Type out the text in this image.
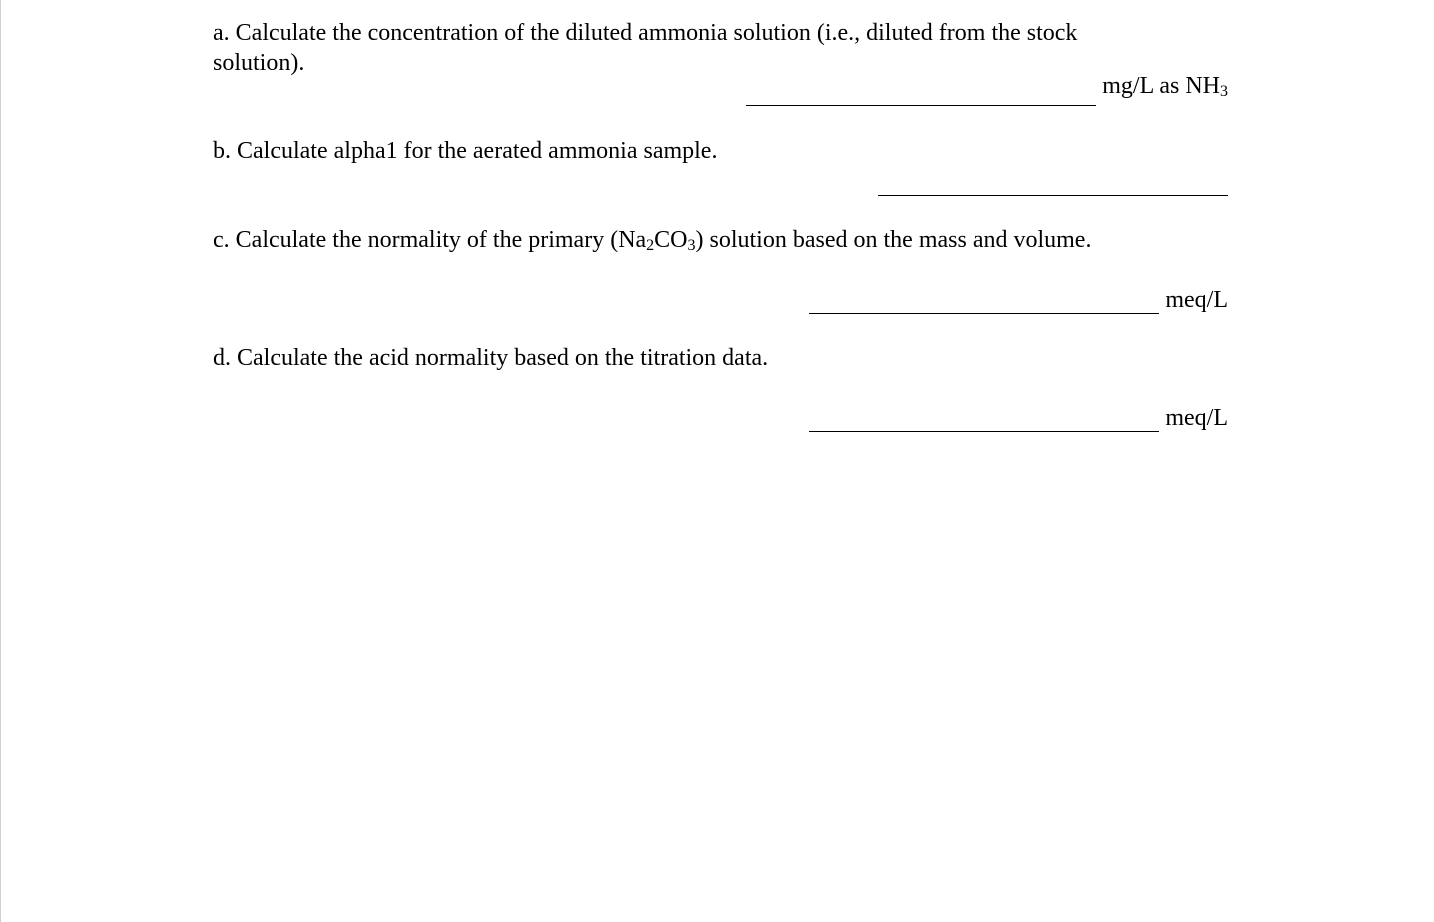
a. Calculate the concentration of the diluted ammonia solution (i.e., diluted from the stock
solution).
mg/L as $NH_3$
b. Calculate alpha1 for the aerated ammonia sample.
c. Calculate the normality of the primary $(Na_2CO_3)$ solution based on the mass and volume.
meq/L
d. Calculate the acid normality based on the titration data.
meq/L
